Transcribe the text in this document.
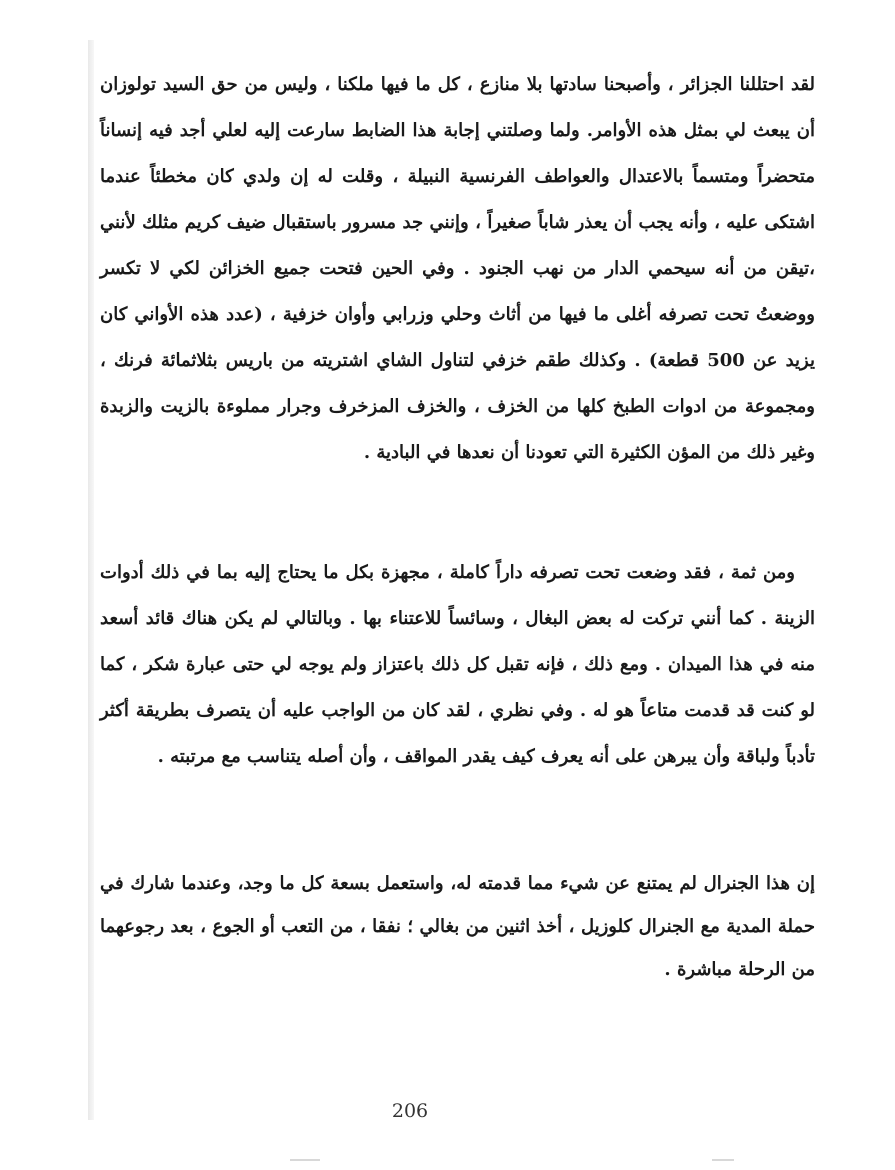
لقد احتللنا الجزائر ، وأصبحنا سادتها بلا منازع ، كل ما فيها ملكنا ، وليس من حق السيد تولوزان أن يبعث لي بمثل هذه الأوامر. ولما وصلتني إجابة هذا الضابط سارعت إليه لعلي أجد فيه إنساناً متحضراً ومتسماً بالاعتدال والعواطف الفرنسية النبيلة ، وقلت له إن ولدي كان مخطئاً عندما اشتكى عليه ، وأنه يجب أن يعذر شاباً صغيراً ، وإنني جد مسرور باستقبال ضيف كريم مثلك لأنني ،تيقن من أنه سيحمي الدار من نهب الجنود . وفي الحين فتحت جميع الخزائن لكي لا تكسر ووضعتُ تحت تصرفه أغلى ما فيها من أثاث وحلي وزرابي وأوان خزفية ، (عدد هذه الأواني كان يزيد عن 500 قطعة) . وكذلك طقم خزفي لتناول الشاي اشتريته من باريس بثلاثمائة فرنك ، ومجموعة من ادوات الطبخ كلها من الخزف ، والخزف المزخرف وجرار مملوءة بالزيت والزبدة وغير ذلك من المؤن الكثيرة التي تعودنا أن نعدها في البادية .

ومن ثمة ، فقد وضعت تحت تصرفه داراً كاملة ، مجهزة بكل ما يحتاج إليه بما في ذلك أدوات الزينة . كما أنني تركت له بعض البغال ، وسائساً للاعتناء بها . وبالتالي لم يكن هناك قائد أسعد منه في هذا الميدان . ومع ذلك ، فإنه تقبل كل ذلك باعتزاز ولم يوجه لي حتى عبارة شكر ، كما لو كنت قد قدمت متاعاً هو له . وفي نظري ، لقد كان من الواجب عليه أن يتصرف بطريقة أكثر تأدباً ولباقة وأن يبرهن على أنه يعرف كيف يقدر المواقف ، وأن أصله يتناسب مع مرتبته .

إن هذا الجنرال لم يمتنع عن شيء مما قدمته له، واستعمل بسعة كل ما وجد، وعندما شارك في حملة المدية مع الجنرال كلوزيل ، أخذ اثنين من بغالي ؛ نفقا ، من التعب أو الجوع ، بعد رجوعهما من الرحلة مباشرة .

206
